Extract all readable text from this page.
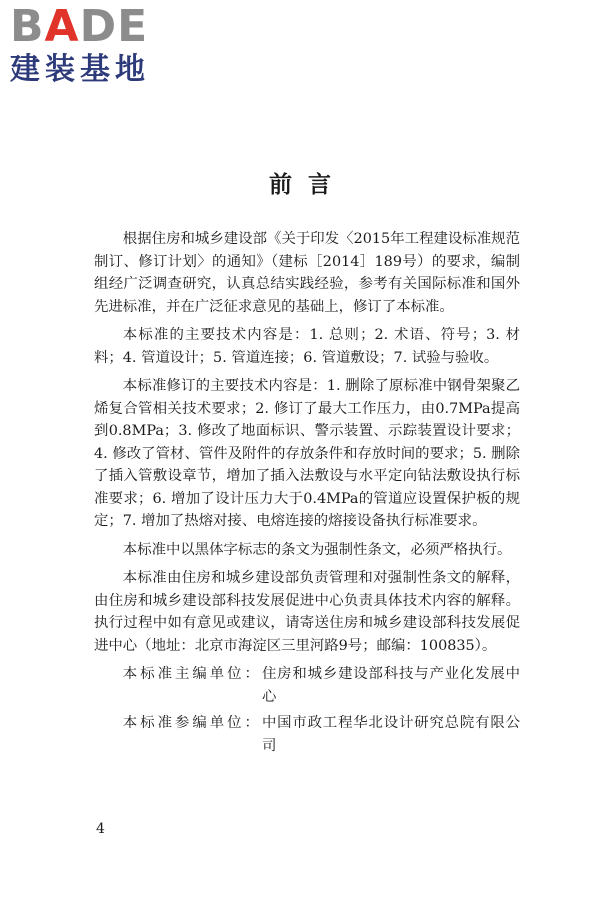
BADE
建装基地
前言

根据住房和城乡建设部《关于印发〈2015年工程建设标准规范制订、修订计划〉的通知》（建标［2014］189号）的要求，编制组经广泛调查研究，认真总结实践经验，参考有关国际标准和国外先进标准，并在广泛征求意见的基础上，修订了本标准。

本标准的主要技术内容是：1. 总则；2. 术语、符号；3. 材料；4. 管道设计；5. 管道连接；6. 管道敷设；7. 试验与验收。

本标准修订的主要技术内容是：1. 删除了原标准中钢骨架聚乙烯复合管相关技术要求；2. 修订了最大工作压力，由0.7MPa提高到0.8MPa；3. 修改了地面标识、警示装置、示踪装置设计要求；4. 修改了管材、管件及附件的存放条件和存放时间的要求；5. 删除了插入管敷设章节，增加了插入法敷设与水平定向钻法敷设执行标准要求；6. 增加了设计压力大于0.4MPa的管道应设置保护板的规定；7. 增加了热熔对接、电熔连接的熔接设备执行标准要求。

本标准中以黑体字标志的条文为强制性条文，必须严格执行。

本标准由住房和城乡建设部负责管理和对强制性条文的解释，由住房和城乡建设部科技发展促进中心负责具体技术内容的解释。执行过程中如有意见或建议，请寄送住房和城乡建设部科技发展促进中心（地址：北京市海淀区三里河路9号；邮编：100835）。

本标准主编单位： 住房和城乡建设部科技与产业化发展中心
本标准参编单位： 中国市政工程华北设计研究总院有限公司
4
